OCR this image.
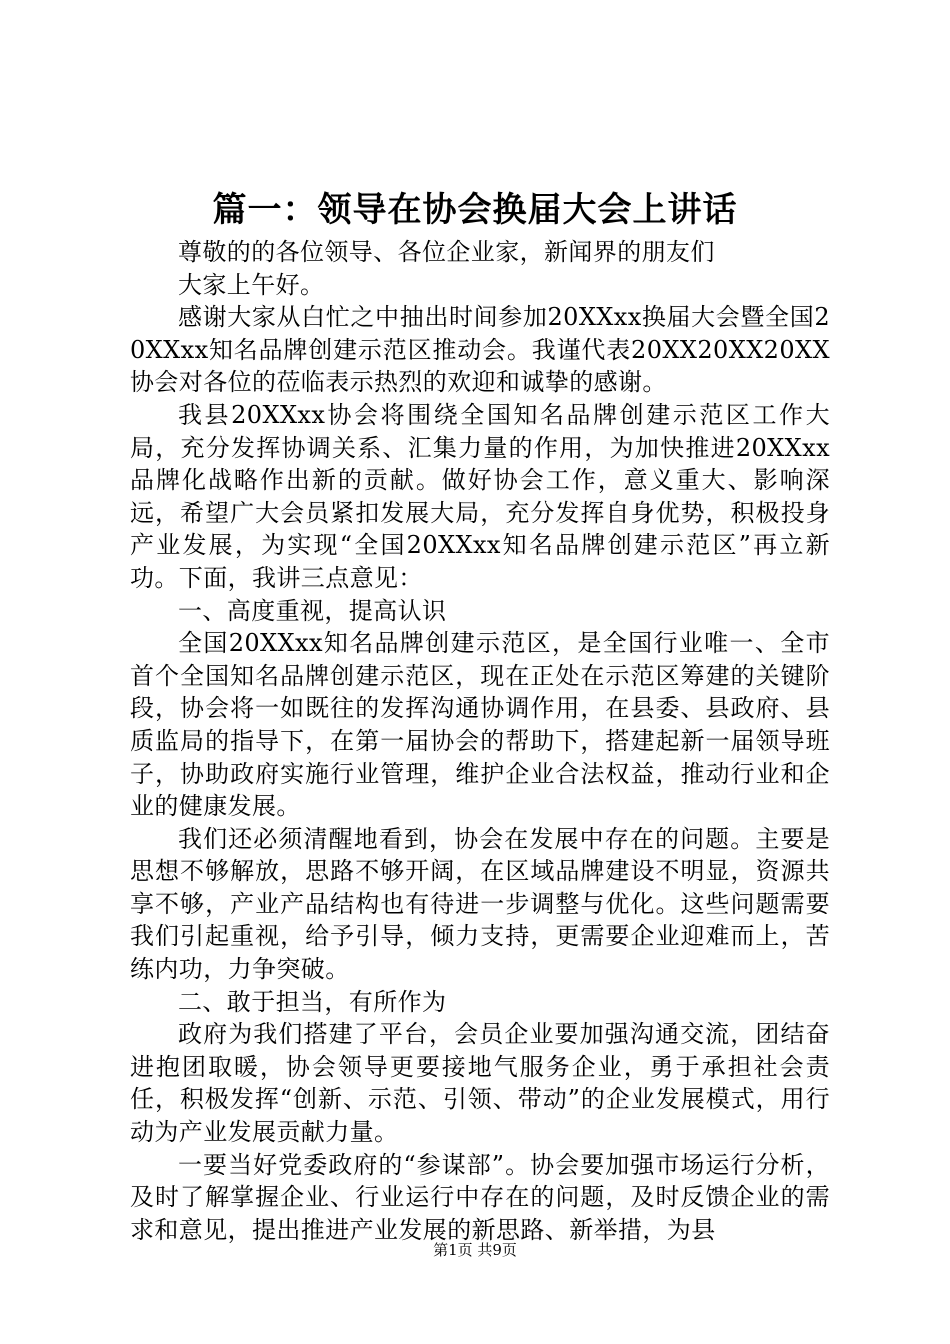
篇一：领导在协会换届大会上讲话

尊敬的的各位领导、各位企业家，新闻界的朋友们

大家上午好。

感谢大家从白忙之中抽出时间参加20XXxx换届大会暨全国20XXxx知名品牌创建示范区推动会。我谨代表20XX20XX20XX协会对各位的莅临表示热烈的欢迎和诚挚的感谢。

我县20XXxx协会将围绕全国知名品牌创建示范区工作大局，充分发挥协调关系、汇集力量的作用，为加快推进20XXxx品牌化战略作出新的贡献。做好协会工作，意义重大、影响深远，希望广大会员紧扣发展大局，充分发挥自身优势，积极投身产业发展，为实现“全国20XXxx知名品牌创建示范区”再立新功。下面，我讲三点意见：

一、高度重视，提高认识

全国20XXxx知名品牌创建示范区，是全国行业唯一、全市首个全国知名品牌创建示范区，现在正处在示范区筹建的关键阶段，协会将一如既往的发挥沟通协调作用，在县委、县政府、县质监局的指导下，在第一届协会的帮助下，搭建起新一届领导班子，协助政府实施行业管理，维护企业合法权益，推动行业和企业的健康发展。

我们还必须清醒地看到，协会在发展中存在的问题。主要是思想不够解放，思路不够开阔，在区域品牌建设不明显，资源共享不够，产业产品结构也有待进一步调整与优化。这些问题需要我们引起重视，给予引导，倾力支持，更需要企业迎难而上，苦练内功，力争突破。

二、敢于担当，有所作为

政府为我们搭建了平台，会员企业要加强沟通交流，团结奋进抱团取暖，协会领导更要接地气服务企业，勇于承担社会责任，积极发挥“创新、示范、引领、带动”的企业发展模式，用行动为产业发展贡献力量。

一要当好党委政府的“参谋部”。协会要加强市场运行分析，及时了解掌握企业、行业运行中存在的问题，及时反馈企业的需求和意见，提出推进产业发展的新思路、新举措，为县

第1页 共9页
